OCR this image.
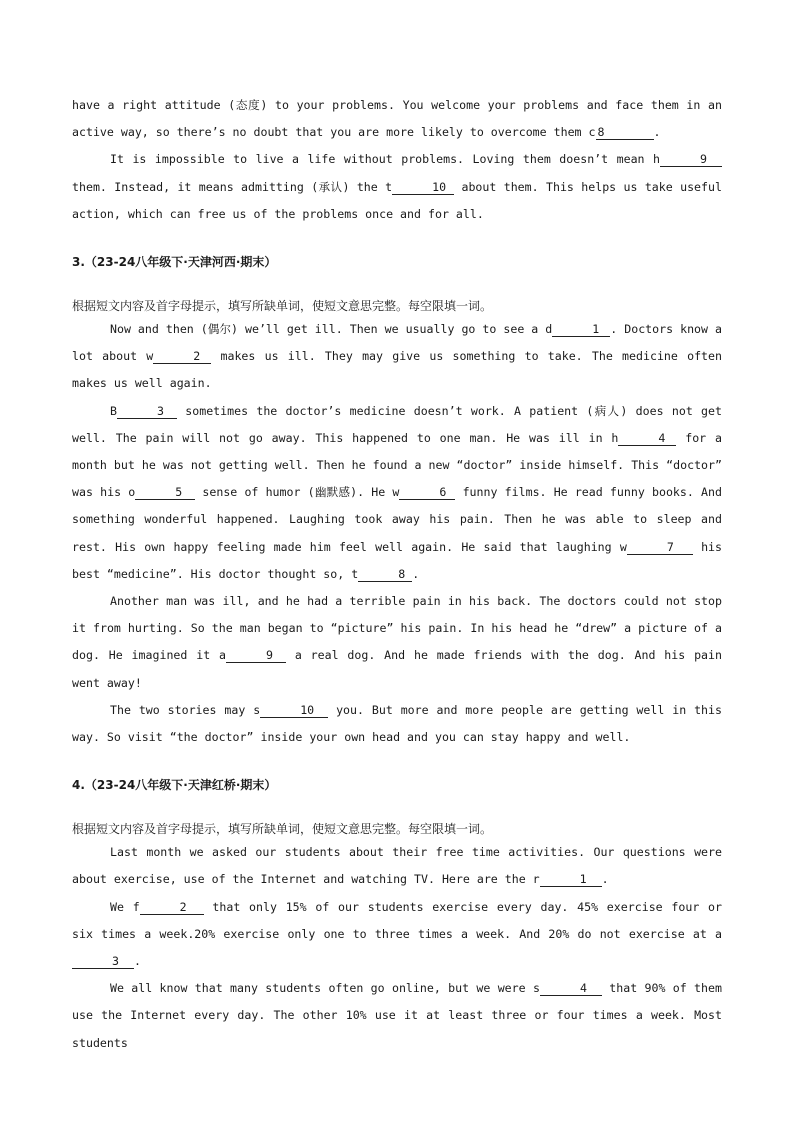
have a right attitude (态度) to your problems. You welcome your problems and face them in an active way, so there’s no doubt that you are more likely to overcome them c 8	.

It is impossible to live a life without problems. Loving them doesn’t mean h	9 them. Instead, it means admitting (承认) the t	10 about them. This helps us take useful action, which can free us of the problems once and for all.

3.（23-24八年级下·天津河西·期末）

根据短文内容及首字母提示，填写所缺单词，使短文意思完整。每空限填一词。

Now and then (偶尔) we’ll get ill. Then we usually go to see a d	1 . Doctors know a lot about w	2 makes us ill. They may give us something to take. The medicine often makes us well again.

B	3 sometimes the doctor’s medicine doesn’t work. A patient (病人) does not get well. The pain will not go away. This happened to one man. He was ill in h	4 for a month but he was not getting well. Then he found a new “doctor” inside himself. This “doctor” was his o	5 sense of humor (幽默感). He w	6 funny films. He read funny books. And something wonderful happened. Laughing took away his pain. Then he was able to sleep and rest. His own happy feeling made him feel well again. He said that laughing w	7 his best “medicine”. His doctor thought so, t	8 .

Another man was ill, and he had a terrible pain in his back. The doctors could not stop it from hurting. So the man began to “picture” his pain. In his head he “drew” a picture of a dog. He imagined it a	9 a real dog. And he made friends with the dog. And his pain went away!

The two stories may s	10 you. But more and more people are getting well in this way. So visit “the doctor” inside your own head and you can stay happy and well.

4.（23-24八年级下·天津红桥·期末）

根据短文内容及首字母提示，填写所缺单词，使短文意思完整。每空限填一词。

Last month we asked our students about their free time activities. Our questions were about exercise, use of the Internet and watching TV. Here are the r	1 .

We f	2 that only 15% of our students exercise every day. 45% exercise four or six times a week.20% exercise only one to three times a week. And 20% do not exercise at a3 .

We all know that many students often go online, but we were s	4 that 90% of them use the Internet every day. The other 10% use it at least three or four times a week. Most students
